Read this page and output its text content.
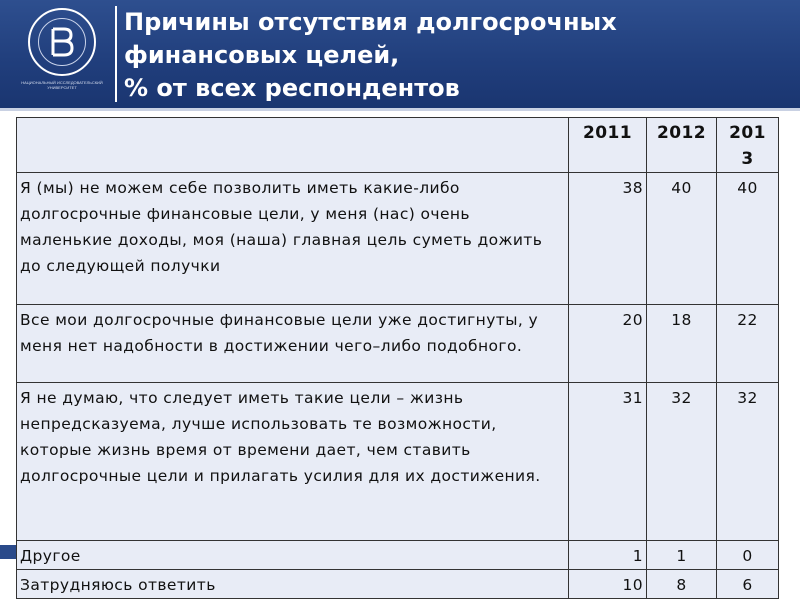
НАЦИОНАЛЬНЫЙ ИССЛЕДОВАТЕЛЬСКИЙ УНИВЕРСИТЕТ
Причины отсутствия долгосрочных
финансовых целей,
% от всех респондентов
	2011	2012	201 3
Я (мы) не можем себе позволить иметь какие-либо долгосрочные финансовые цели, у меня (нас) очень маленькие доходы, моя (наша) главная цель суметь дожить до следующей получки	38	40	40
Все мои долгосрочные финансовые цели уже достигнуты, у меня нет надобности в достижении чего–либо подобного.	20	18	22
Я не думаю, что следует иметь такие цели – жизнь непредсказуема, лучше использовать те возможности, которые жизнь время от времени дает, чем ставить долгосрочные цели и прилагать усилия для их достижения.	31	32	32
Другое	1	1	0
Затрудняюсь ответить	10	8	6
